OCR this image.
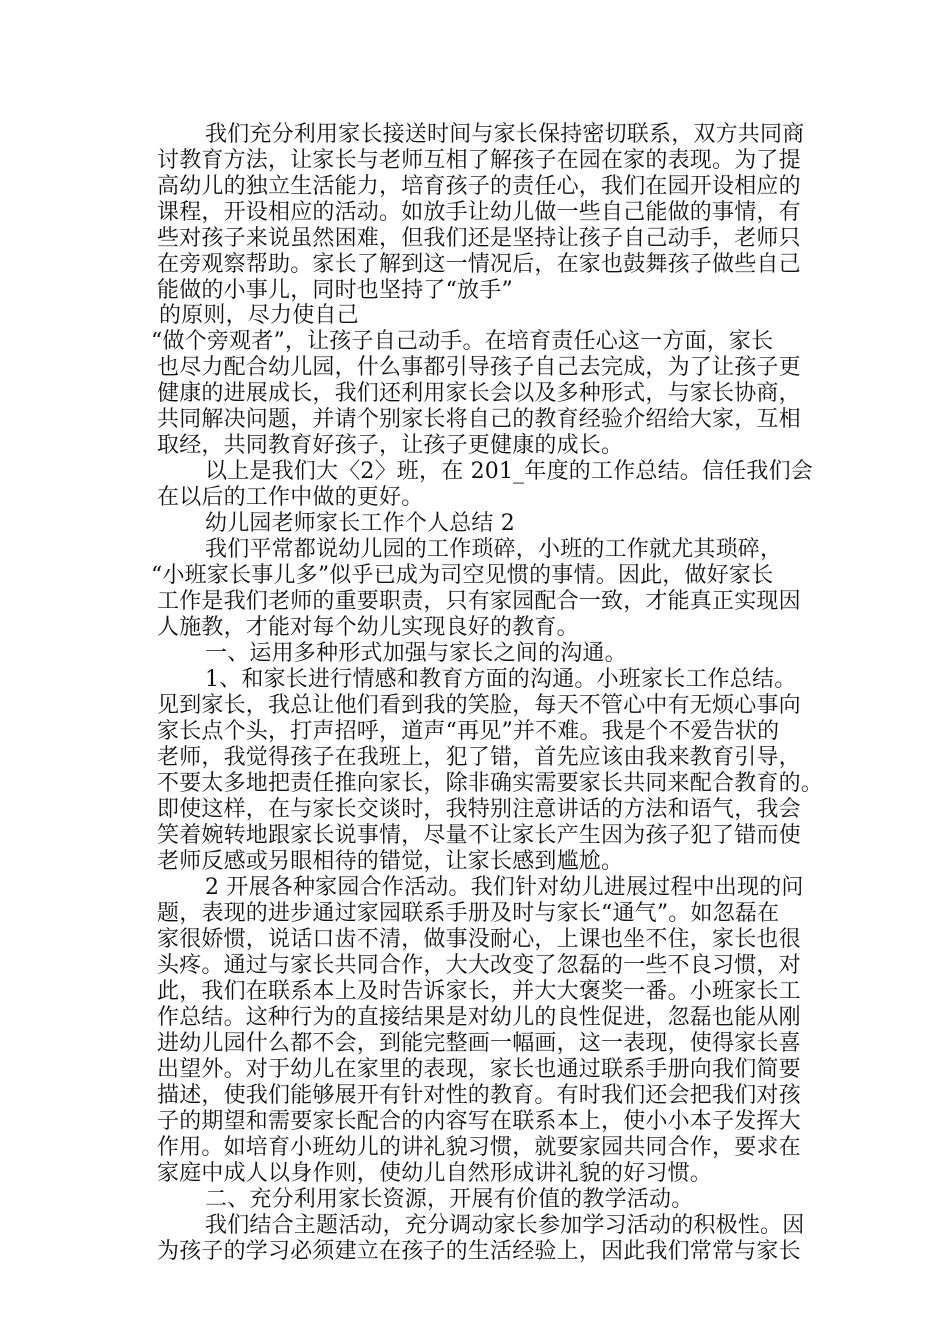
我们充分利用家长接送时间与家长保持密切联系，双方共同商

讨教育方法，让家长与老师互相了解孩子在园在家的表现。为了提

高幼儿的独立生活能力，培育孩子的责任心，我们在园开设相应的

课程，开设相应的活动。如放手让幼儿做一些自己能做的事情，有

些对孩子来说虽然困难，但我们还是坚持让孩子自己动手，老师只

在旁观察帮助。家长了解到这一情况后，在家也鼓舞孩子做些自己

能做的小事儿，同时也坚持了“放手”

的原则，尽力使自己

“做个旁观者”，让孩子自己动手。在培育责任心这一方面，家长

也尽力配合幼儿园，什么事都引导孩子自己去完成，为了让孩子更

健康的进展成长，我们还利用家长会以及多种形式，与家长协商，

共同解决问题，并请个别家长将自己的教育经验介绍给大家，互相

取经，共同教育好孩子，让孩子更健康的成长。

以上是我们大〈2〉班，在 201_年度的工作总结。信任我们会

在以后的工作中做的更好。

幼儿园老师家长工作个人总结 2

我们平常都说幼儿园的工作琐碎，小班的工作就尤其琐碎，

“小班家长事儿多”似乎已成为司空见惯的事情。因此，做好家长

工作是我们老师的重要职责，只有家园配合一致，才能真正实现因

人施教，才能对每个幼儿实现良好的教育。

一、运用多种形式加强与家长之间的沟通。

1、和家长进行情感和教育方面的沟通。小班家长工作总结。

见到家长，我总让他们看到我的笑脸，每天不管心中有无烦心事向

家长点个头，打声招呼，道声“再见”并不难。我是个不爱告状的

老师，我觉得孩子在我班上，犯了错，首先应该由我来教育引导，

不要太多地把责任推向家长，除非确实需要家长共同来配合教育的。

即使这样，在与家长交谈时，我特别注意讲话的方法和语气，我会

笑着婉转地跟家长说事情，尽量不让家长产生因为孩子犯了错而使

老师反感或另眼相待的错觉，让家长感到尴尬。

2 开展各种家园合作活动。我们针对幼儿进展过程中出现的问

题，表现的进步通过家园联系手册及时与家长“通气”。如忽磊在

家很娇惯，说话口齿不清，做事没耐心，上课也坐不住，家长也很

头疼。通过与家长共同合作，大大改变了忽磊的一些不良习惯，对

此，我们在联系本上及时告诉家长，并大大褒奖一番。小班家长工

作总结。这种行为的直接结果是对幼儿的良性促进，忽磊也能从刚

进幼儿园什么都不会，到能完整画一幅画，这一表现，使得家长喜

出望外。对于幼儿在家里的表现，家长也通过联系手册向我们简要

描述，使我们能够展开有针对性的教育。有时我们还会把我们对孩

子的期望和需要家长配合的内容写在联系本上，使小小本子发挥大

作用。如培育小班幼儿的讲礼貌习惯，就要家园共同合作，要求在

家庭中成人以身作则，使幼儿自然形成讲礼貌的好习惯。

二、充分利用家长资源，开展有价值的教学活动。

我们结合主题活动，充分调动家长参加学习活动的积极性。因

为孩子的学习必须建立在孩子的生活经验上，因此我们常常与家长
